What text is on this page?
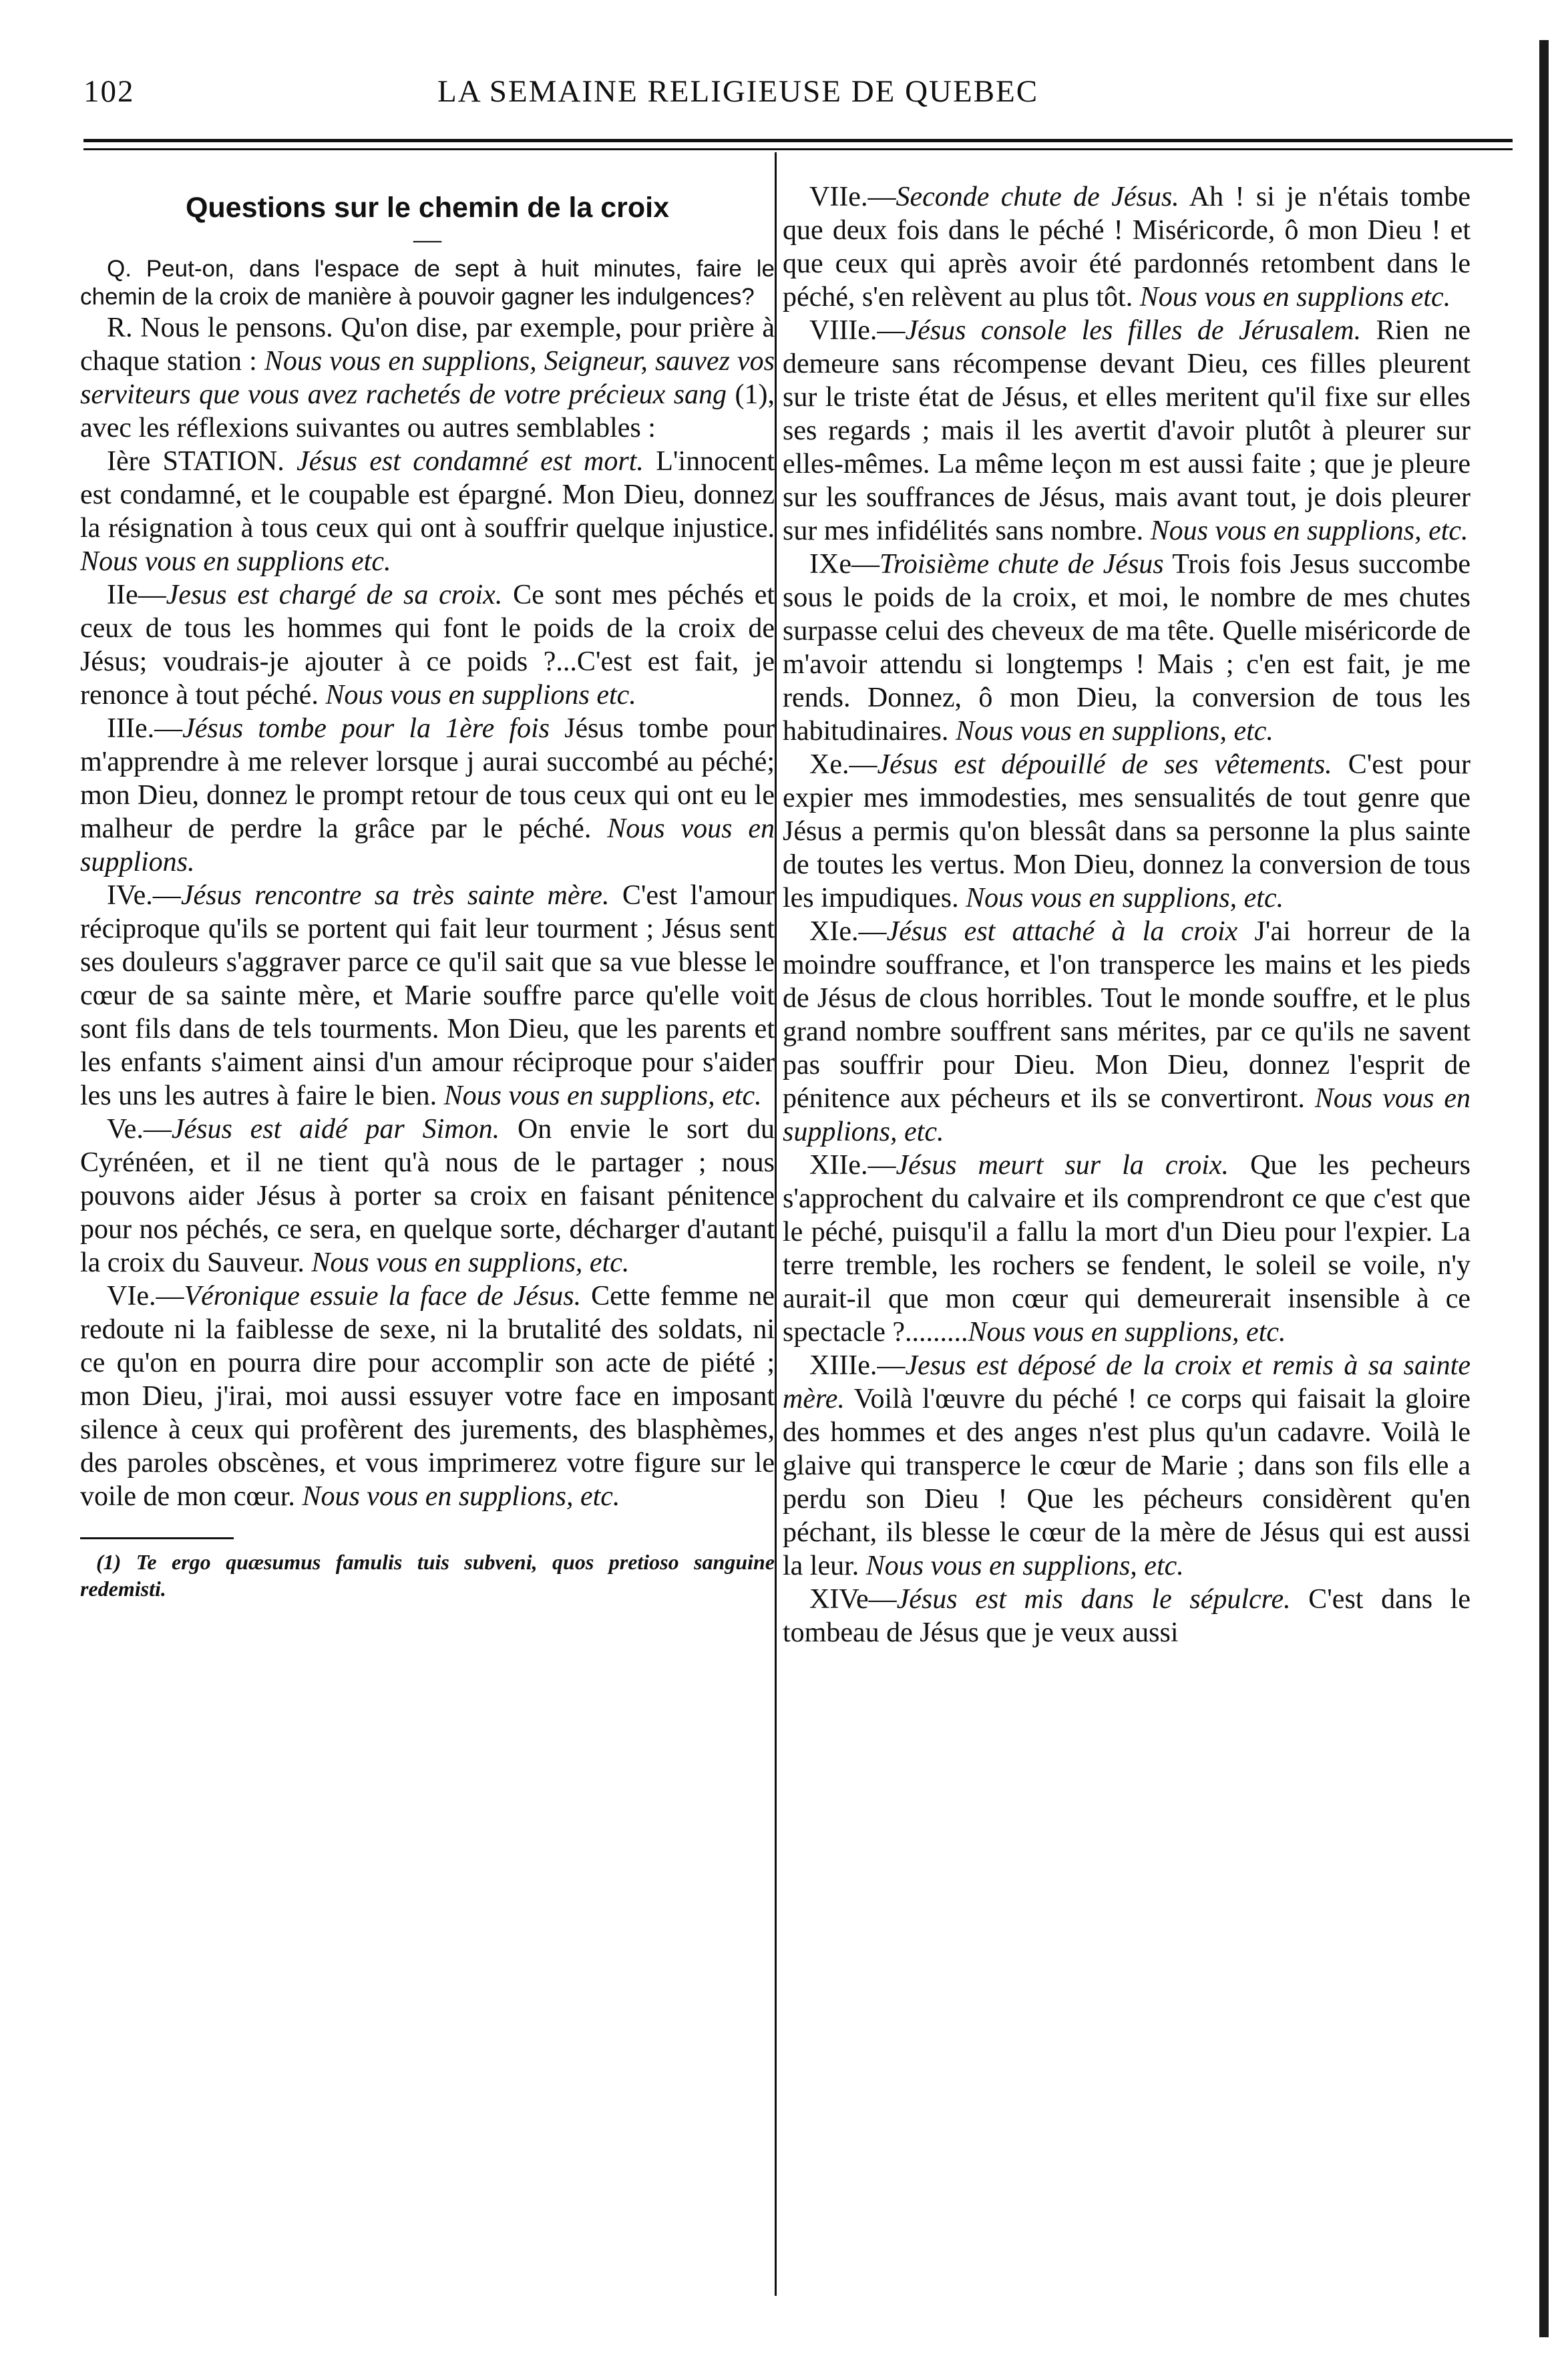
102	LA SEMAINE RELIGIEUSE DE QUEBEC

Questions sur le chemin de la croix

—

Q. Peut-on, dans l'espace de sept à huit minutes, faire le chemin de la croix de manière à pouvoir gagner les indulgences?

R. Nous le pensons. Qu'on dise, par exemple, pour prière à chaque station : Nous vous en supplions, Seigneur, sauvez vos serviteurs que vous avez rachetés de votre précieux sang (1), avec les réflexions suivantes ou autres semblables :

Ière STATION. Jésus est condamné est mort. L'innocent est condamné, et le coupable est épargné. Mon Dieu, donnez la résignation à tous ceux qui ont à souffrir quelque injustice. Nous vous en supplions etc.

IIe—Jesus est chargé de sa croix. Ce sont mes péchés et ceux de tous les hommes qui font le poids de la croix de Jésus; voudrais-je ajouter à ce poids ?...C'est est fait, je renonce à tout péché. Nous vous en supplions etc.

IIIe.—Jésus tombe pour la 1ère fois Jésus tombe pour m'apprendre à me relever lorsque j aurai succombé au péché; mon Dieu, donnez le prompt retour de tous ceux qui ont eu le malheur de perdre la grâce par le péché. Nous vous en supplions.

IVe.—Jésus rencontre sa très sainte mère. C'est l'amour réciproque qu'ils se portent qui fait leur tourment ; Jésus sent ses douleurs s'aggraver parce ce qu'il sait que sa vue blesse le cœur de sa sainte mère, et Marie souffre parce qu'elle voit sont fils dans de tels tourments. Mon Dieu, que les parents et les enfants s'aiment ainsi d'un amour réciproque pour s'aider les uns les autres à faire le bien. Nous vous en supplions, etc.

Ve.—Jésus est aidé par Simon. On envie le sort du Cyrénéen, et il ne tient qu'à nous de le partager ; nous pouvons aider Jésus à porter sa croix en faisant pénitence pour nos péchés, ce sera, en quelque sorte, décharger d'autant la croix du Sauveur. Nous vous en supplions, etc.

VIe.—Véronique essuie la face de Jésus. Cette femme ne redoute ni la faiblesse de sexe, ni la brutalité des soldats, ni ce qu'on en pourra dire pour accomplir son acte de piété ; mon Dieu, j'irai, moi aussi essuyer votre face en imposant silence à ceux qui profèrent des jurements, des blasphèmes, des paroles obscènes, et vous imprimerez votre figure sur le voile de mon cœur. Nous vous en supplions, etc.

(1) Te ergo quæsumus famulis tuis subveni, quos pretioso sanguine redemisti.

VIIe.—Seconde chute de Jésus. Ah ! si je n'étais tombe que deux fois dans le péché ! Miséricorde, ô mon Dieu ! et que ceux qui après avoir été pardonnés retombent dans le péché, s'en relèvent au plus tôt. Nous vous en supplions etc.

VIIIe.—Jésus console les filles de Jérusalem. Rien ne demeure sans récompense devant Dieu, ces filles pleurent sur le triste état de Jésus, et elles meritent qu'il fixe sur elles ses regards ; mais il les avertit d'avoir plutôt à pleurer sur elles-mêmes. La même leçon m est aussi faite ; que je pleure sur les souffrances de Jésus, mais avant tout, je dois pleurer sur mes infidélités sans nombre. Nous vous en supplions, etc.

IXe—Troisième chute de Jésus Trois fois Jesus succombe sous le poids de la croix, et moi, le nombre de mes chutes surpasse celui des cheveux de ma tête. Quelle miséricorde de m'avoir attendu si longtemps ! Mais ; c'en est fait, je me rends. Donnez, ô mon Dieu, la conversion de tous les habitudinaires. Nous vous en supplions, etc.

Xe.—Jésus est dépouillé de ses vêtements. C'est pour expier mes immodesties, mes sensualités de tout genre que Jésus a permis qu'on blessât dans sa personne la plus sainte de toutes les vertus. Mon Dieu, donnez la conversion de tous les impudiques. Nous vous en supplions, etc.

XIe.—Jésus est attaché à la croix J'ai horreur de la moindre souffrance, et l'on transperce les mains et les pieds de Jésus de clous horribles. Tout le monde souffre, et le plus grand nombre souffrent sans mérites, par ce qu'ils ne savent pas souffrir pour Dieu. Mon Dieu, donnez l'esprit de pénitence aux pécheurs et ils se convertiront. Nous vous en supplions, etc.

XIIe.—Jésus meurt sur la croix. Que les pecheurs s'approchent du calvaire et ils comprendront ce que c'est que le péché, puisqu'il a fallu la mort d'un Dieu pour l'expier. La terre tremble, les rochers se fendent, le soleil se voile, n'y aurait-il que mon cœur qui demeurerait insensible à ce spectacle ?.........Nous vous en supplions, etc.

XIIIe.—Jesus est déposé de la croix et remis à sa sainte mère. Voilà l'œuvre du péché ! ce corps qui faisait la gloire des hommes et des anges n'est plus qu'un cadavre. Voilà le glaive qui transperce le cœur de Marie ; dans son fils elle a perdu son Dieu ! Que les pécheurs considèrent qu'en péchant, ils blesse le cœur de la mère de Jésus qui est aussi la leur. Nous vous en supplions, etc.

XIVe—Jésus est mis dans le sépulcre. C'est dans le tombeau de Jésus que je veux aussi
